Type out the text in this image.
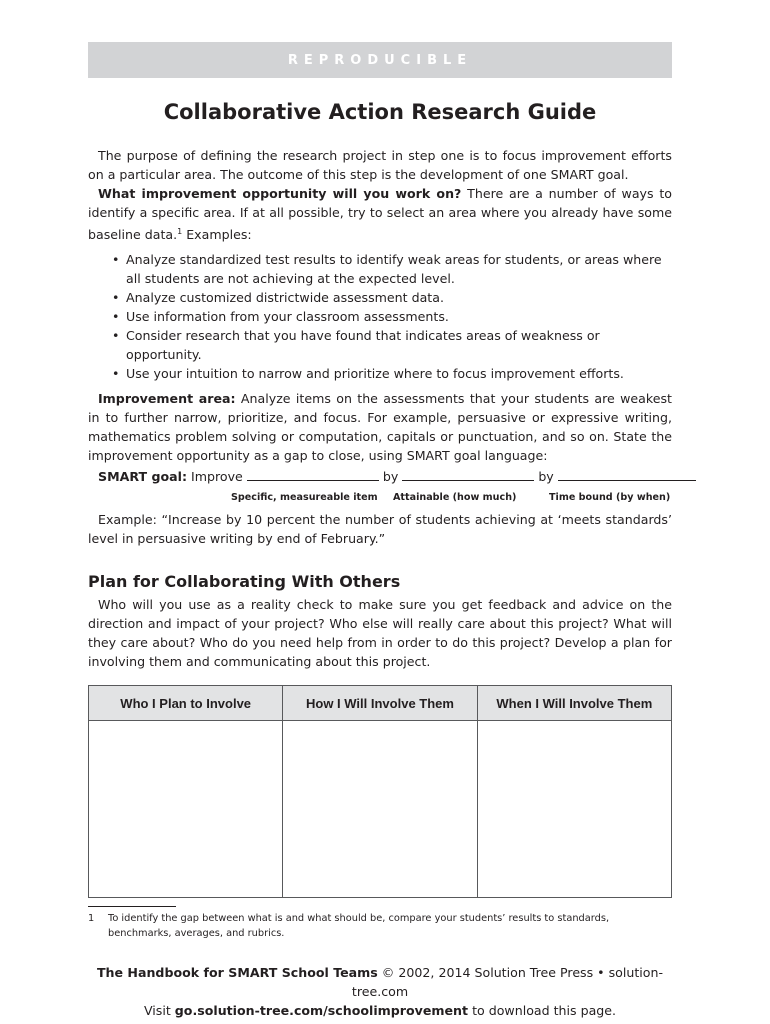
REPRODUCIBLE
Collaborative Action Research Guide

The purpose of defining the research project in step one is to focus improvement efforts on a particular area. The outcome of this step is the development of one SMART goal.

What improvement opportunity will you work on? There are a number of ways to identify a specific area. If at all possible, try to select an area where you already have some baseline data.$^1$ Examples:

• Analyze standardized test results to identify weak areas for students, or areas where all students are not achieving at the expected level.
• Analyze customized districtwide assessment data.
• Use information from your classroom assessments.
• Consider research that you have found that indicates areas of weakness or opportunity.
• Use your intuition to narrow and prioritize where to focus improvement efforts.

Improvement area: Analyze items on the assessments that your students are weakest in to further narrow, prioritize, and focus. For example, persuasive or expressive writing, mathematics problem solving or computation, capitals or punctuation, and so on. State the improvement opportunity as a gap to close, using SMART goal language:

SMART goal: Improve	by	by
Specific, measureable item Attainable (how much)	Time bound (by when)

Example: “Increase by 10 percent the number of students achieving at ‘meets standards’ level in persuasive writing by end of February.”

Plan for Collaborating With Others

Who will you use as a reality check to make sure you get feedback and advice on the direction and impact of your project? Who else will really care about this project? What will they care about? Who do you need help from in order to do this project? Develop a plan for involving them and communicating about this project.

Who I Plan to Involve	How I Will Involve Them	When I Will Involve Them

1	To identify the gap between what is and what should be, compare your students’ results to standards, benchmarks, averages, and rubrics.
The Handbook for SMART School Teams © 2002, 2014 Solution Tree Press • solution-tree.com
Visit go.solution-tree.com/schoolimprovement to download this page.
